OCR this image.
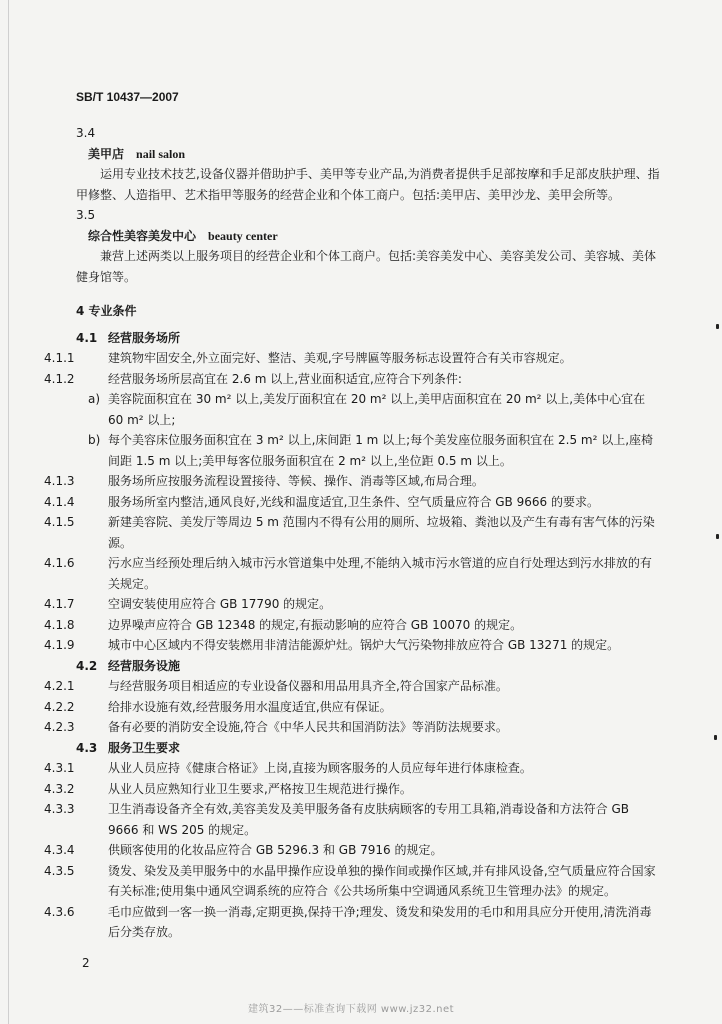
SB/T 10437—2007

3.4

美甲店 nail salon

运用专业技术技艺,设备仪器并借助护手、美甲等专业产品,为消费者提供手足部按摩和手足部皮肤护理、指甲修整、人造指甲、艺术指甲等服务的经营企业和个体工商户。包括:美甲店、美甲沙龙、美甲会所等。

3.5

综合性美容美发中心 beauty center

兼营上述两类以上服务项目的经营企业和个体工商户。包括:美容美发中心、美容美发公司、美容城、美体健身馆等。

4 专业条件

4.1 经营服务场所

4.1.1	建筑物牢固安全,外立面完好、整洁、美观,字号牌匾等服务标志设置符合有关市容规定。

4.1.2	经营服务场所层高宜在 2.6 m 以上,营业面积适宜,应符合下列条件:

a) 美容院面积宜在 30 m² 以上,美发厅面积宜在 20 m² 以上,美甲店面积宜在 20 m² 以上,美体中心宜在 60 m² 以上;

b) 每个美容床位服务面积宜在 3 m² 以上,床间距 1 m 以上;每个美发座位服务面积宜在 2.5 m² 以上,座椅间距 1.5 m 以上;美甲每客位服务面积宜在 2 m² 以上,坐位距 0.5 m 以上。

4.1.3	服务场所应按服务流程设置接待、等候、操作、消毒等区域,布局合理。

4.1.4	服务场所室内整洁,通风良好,光线和温度适宜,卫生条件、空气质量应符合 GB 9666 的要求。

4.1.5	新建美容院、美发厅等周边 5 m 范围内不得有公用的厕所、垃圾箱、粪池以及产生有毒有害气体的污染源。

4.1.6	污水应当经预处理后纳入城市污水管道集中处理,不能纳入城市污水管道的应自行处理达到污水排放的有关规定。

4.1.7	空调安装使用应符合 GB 17790 的规定。

4.1.8	边界噪声应符合 GB 12348 的规定,有振动影响的应符合 GB 10070 的规定。

4.1.9	城市中心区域内不得安装燃用非清洁能源炉灶。锅炉大气污染物排放应符合 GB 13271 的规定。

4.2 经营服务设施

4.2.1	与经营服务项目相适应的专业设备仪器和用品用具齐全,符合国家产品标准。

4.2.2	给排水设施有效,经营服务用水温度适宜,供应有保证。

4.2.3	备有必要的消防安全设施,符合《中华人民共和国消防法》等消防法规要求。

4.3 服务卫生要求

4.3.1	从业人员应持《健康合格证》上岗,直接为顾客服务的人员应每年进行体康检查。

4.3.2	从业人员应熟知行业卫生要求,严格按卫生规范进行操作。

4.3.3	卫生消毒设备齐全有效,美容美发及美甲服务备有皮肤病顾客的专用工具箱,消毒设备和方法符合 GB 9666 和 WS 205 的规定。

4.3.4	供顾客使用的化妆品应符合 GB 5296.3 和 GB 7916 的规定。

4.3.5	烫发、染发及美甲服务中的水晶甲操作应设单独的操作间或操作区域,并有排风设备,空气质量应符合国家有关标准;使用集中通风空调系统的应符合《公共场所集中空调通风系统卫生管理办法》的规定。

4.3.6	毛巾应做到一客一换一消毒,定期更换,保持干净;理发、烫发和染发用的毛巾和用具应分开使用,清洗消毒后分类存放。

2
建筑32——标准查询下载网 www.jz32.net
